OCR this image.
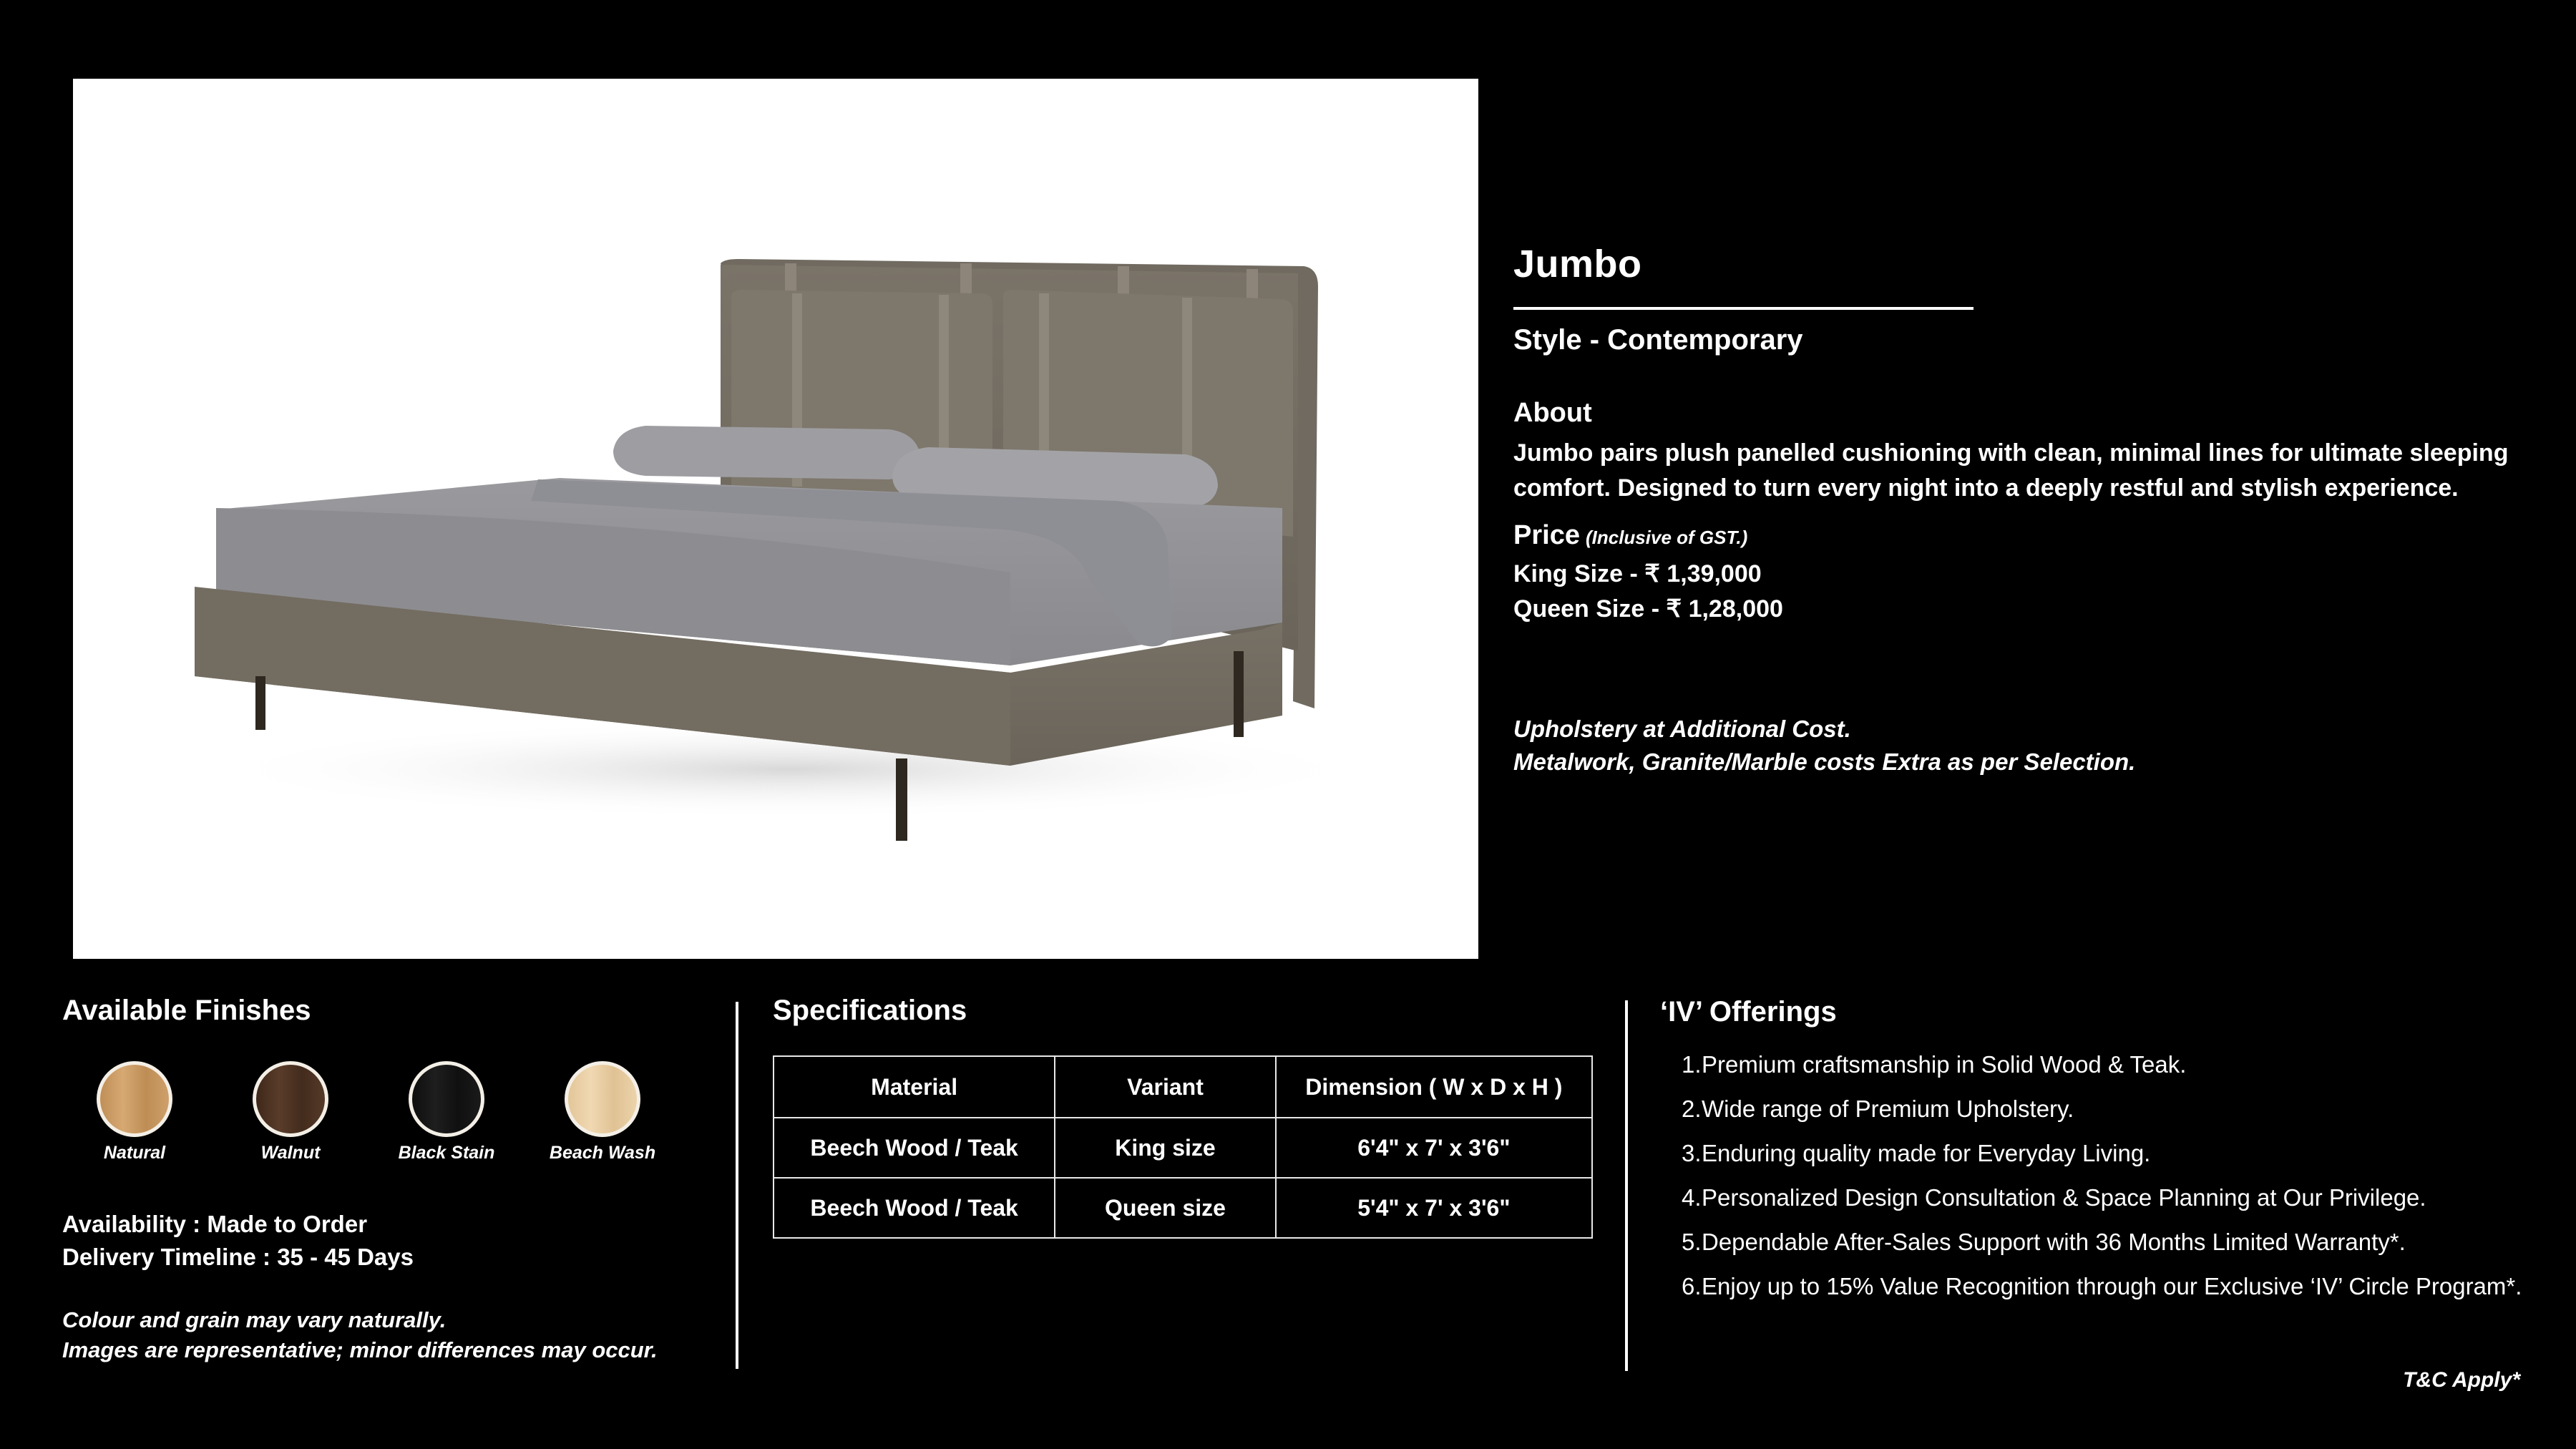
Jumbo
Style - Contemporary
About
Jumbo pairs plush panelled cushioning with clean, minimal lines for ultimate sleeping comfort. Designed to turn every night into a deeply restful and stylish experience.
Price (Inclusive of GST.)
King Size - ₹ 1,39,000
Queen Size - ₹ 1,28,000
Upholstery at Additional Cost.
Metalwork, Granite/Marble costs Extra as per Selection.
Available Finishes
Natural	Walnut	Black Stain	Beach Wash
Availability : Made to Order
Delivery Timeline : 35 - 45 Days
Colour and grain may vary naturally.
Images are representative; minor differences may occur.
Specifications
Material	Variant	Dimension ( W x D x H )
Beech Wood / Teak	King size	6'4" x 7' x 3'6"
Beech Wood / Teak	Queen size	5'4" x 7' x 3'6"
‘IV’ Offerings
1. Premium craftsmanship in Solid Wood & Teak.
2. Wide range of Premium Upholstery.
3. Enduring quality made for Everyday Living.
4. Personalized Design Consultation & Space Planning at Our Privilege.
5. Dependable After-Sales Support with 36 Months Limited Warranty*.
6. Enjoy up to 15% Value Recognition through our Exclusive ‘IV’ Circle Program*.
T&C Apply*
